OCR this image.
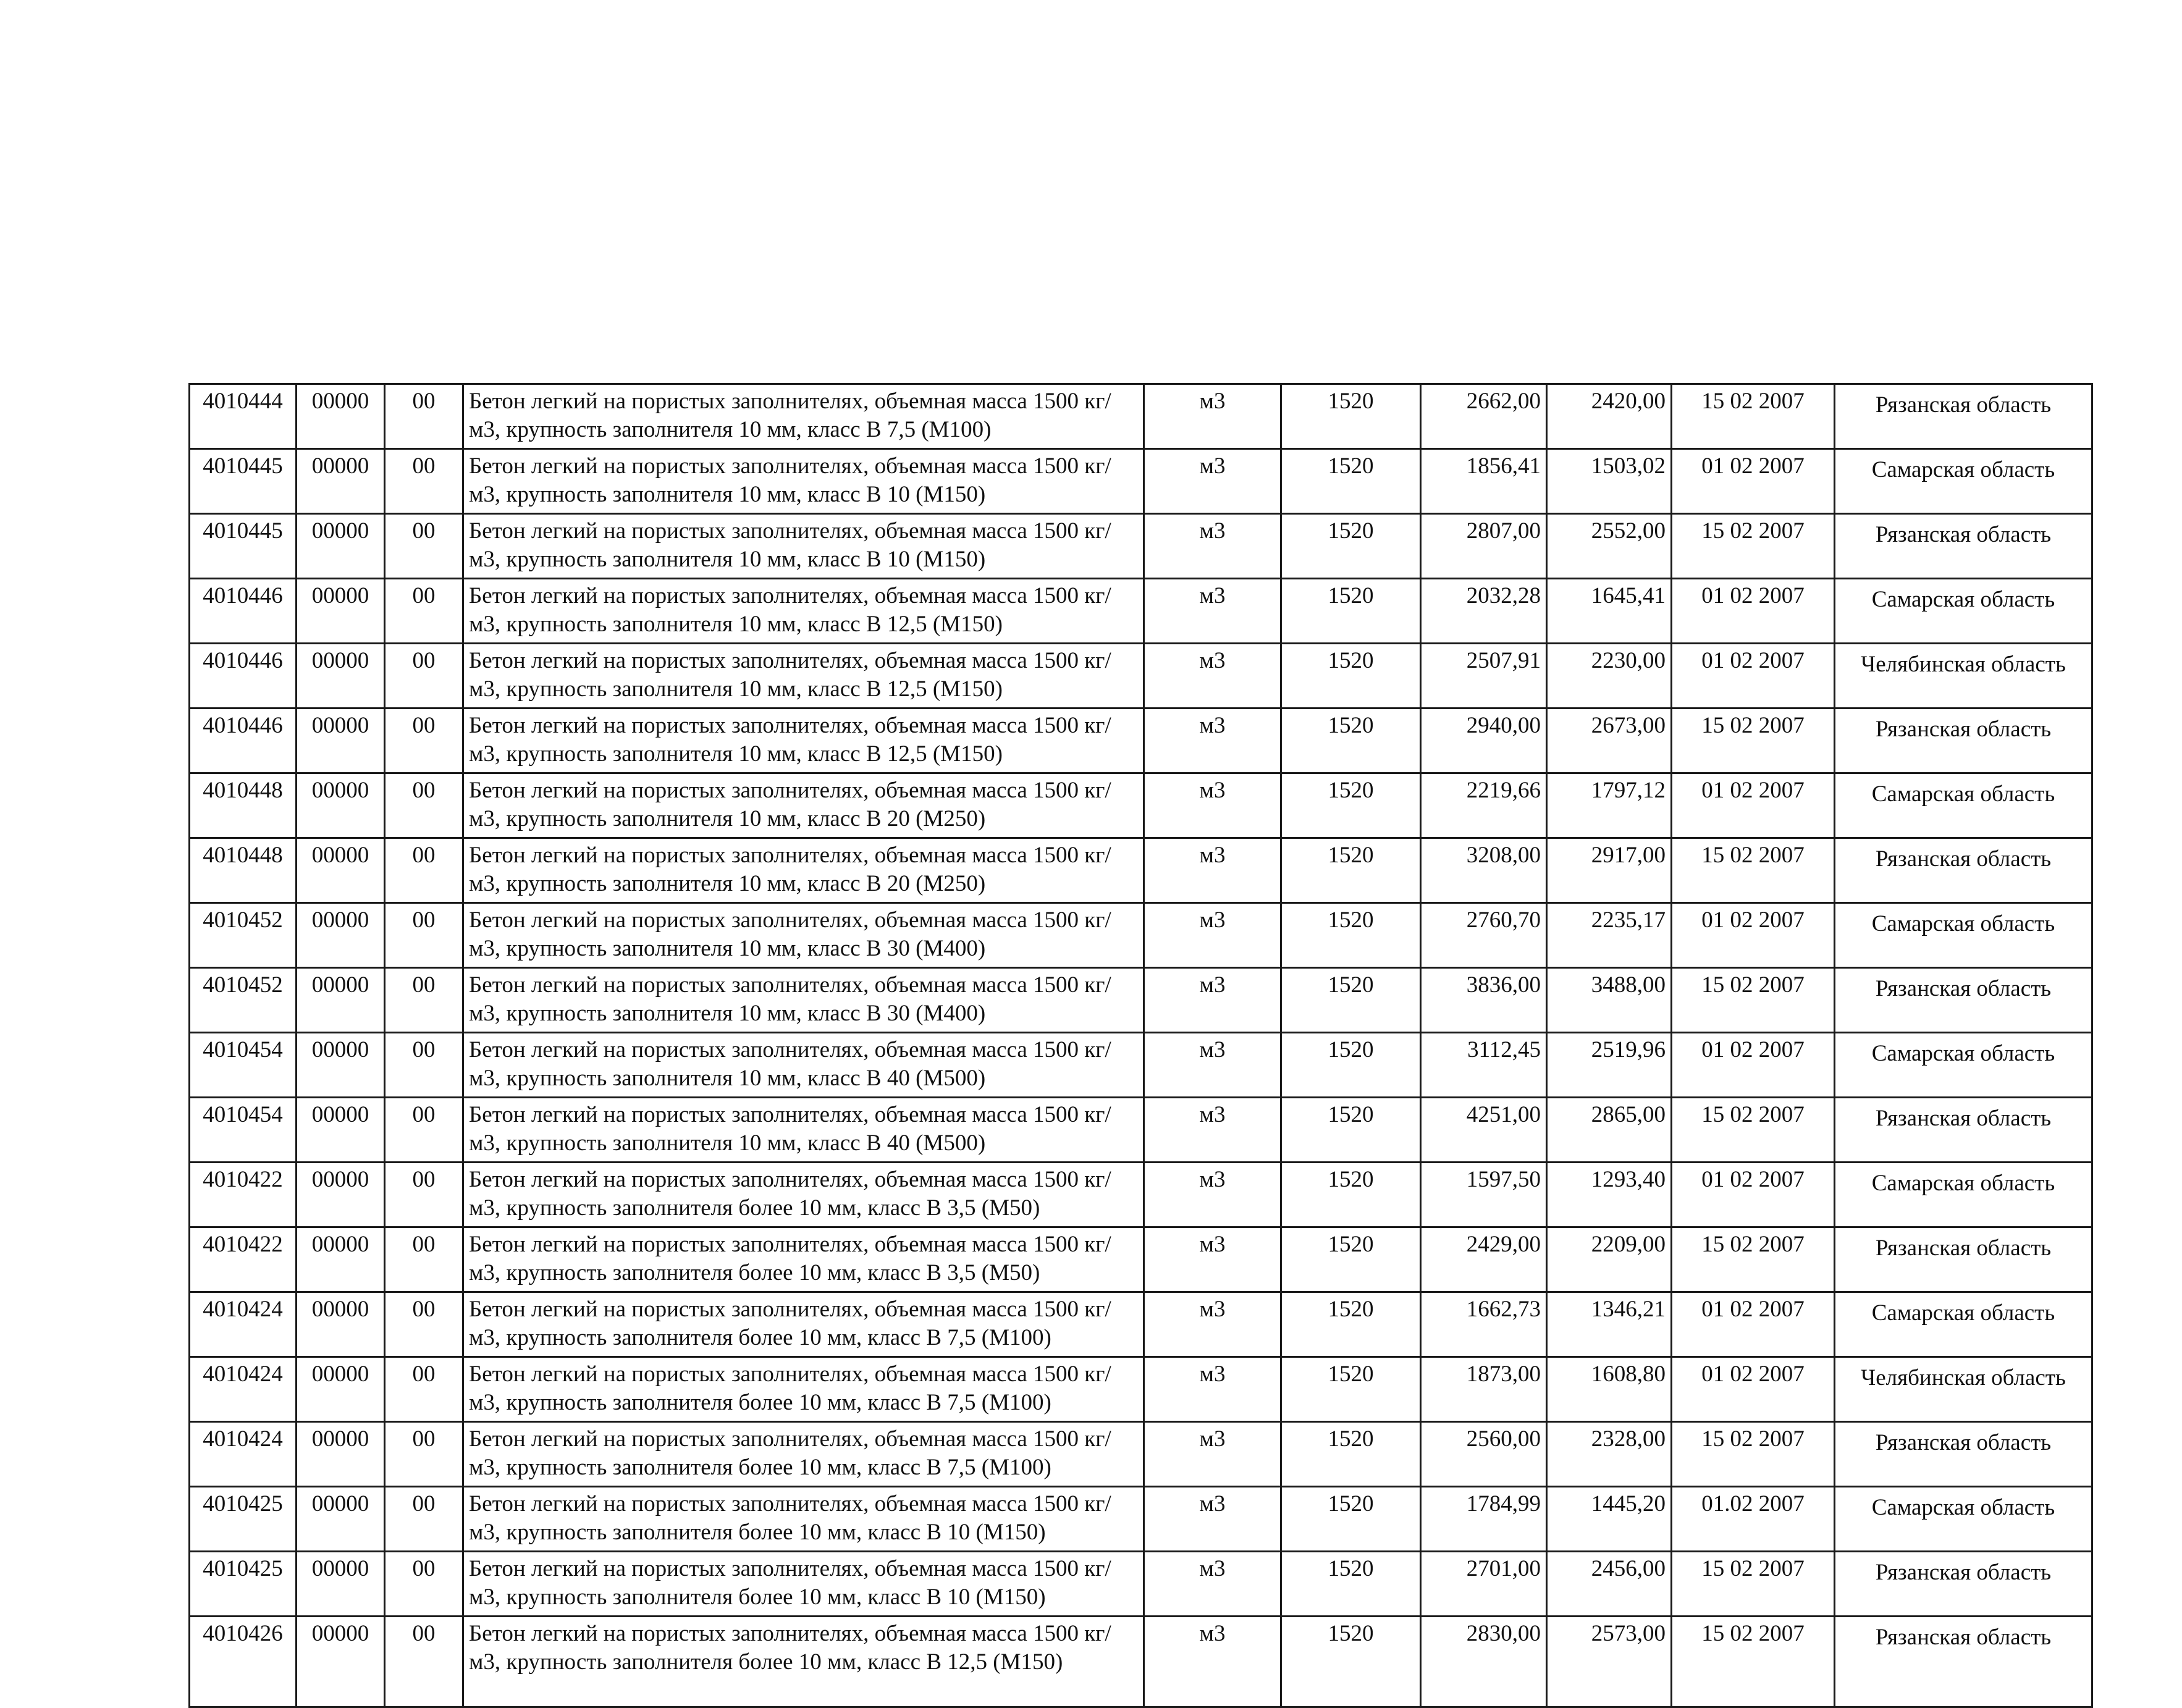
4010444	00000	00	Бетон легкий на пористых заполнителях, объемная масса 1500 кг/м3, крупность заполнителя 10 мм, класс В 7,5 (М100)	м3	1520	2662,00	2420,00	15 02 2007	Рязанская область
4010445	00000	00	Бетон легкий на пористых заполнителях, объемная масса 1500 кг/м3, крупность заполнителя 10 мм, класс В 10 (М150)	м3	1520	1856,41	1503,02	01 02 2007	Самарская область
4010445	00000	00	Бетон легкий на пористых заполнителях, объемная масса 1500 кг/м3, крупность заполнителя 10 мм, класс В 10 (М150)	м3	1520	2807,00	2552,00	15 02 2007	Рязанская область
4010446	00000	00	Бетон легкий на пористых заполнителях, объемная масса 1500 кг/м3, крупность заполнителя 10 мм, класс В 12,5 (М150)	м3	1520	2032,28	1645,41	01 02 2007	Самарская область
4010446	00000	00	Бетон легкий на пористых заполнителях, объемная масса 1500 кг/м3, крупность заполнителя 10 мм, класс В 12,5 (М150)	м3	1520	2507,91	2230,00	01 02 2007	Челябинская область
4010446	00000	00	Бетон легкий на пористых заполнителях, объемная масса 1500 кг/м3, крупность заполнителя 10 мм, класс В 12,5 (М150)	м3	1520	2940,00	2673,00	15 02 2007	Рязанская область
4010448	00000	00	Бетон легкий на пористых заполнителях, объемная масса 1500 кг/м3, крупность заполнителя 10 мм, класс В 20 (М250)	м3	1520	2219,66	1797,12	01 02 2007	Самарская область
4010448	00000	00	Бетон легкий на пористых заполнителях, объемная масса 1500 кг/м3, крупность заполнителя 10 мм, класс В 20 (М250)	м3	1520	3208,00	2917,00	15 02 2007	Рязанская область
4010452	00000	00	Бетон легкий на пористых заполнителях, объемная масса 1500 кг/м3, крупность заполнителя 10 мм, класс В 30 (М400)	м3	1520	2760,70	2235,17	01 02 2007	Самарская область
4010452	00000	00	Бетон легкий на пористых заполнителях, объемная масса 1500 кг/м3, крупность заполнителя 10 мм, класс В 30 (М400)	м3	1520	3836,00	3488,00	15 02 2007	Рязанская область
4010454	00000	00	Бетон легкий на пористых заполнителях, объемная масса 1500 кг/м3, крупность заполнителя 10 мм, класс В 40 (М500)	м3	1520	3112,45	2519,96	01 02 2007	Самарская область
4010454	00000	00	Бетон легкий на пористых заполнителях, объемная масса 1500 кг/м3, крупность заполнителя 10 мм, класс В 40 (М500)	м3	1520	4251,00	2865,00	15 02 2007	Рязанская область
4010422	00000	00	Бетон легкий на пористых заполнителях, объемная масса 1500 кг/м3, крупность заполнителя более 10 мм, класс В 3,5 (М50)	м3	1520	1597,50	1293,40	01 02 2007	Самарская область
4010422	00000	00	Бетон легкий на пористых заполнителях, объемная масса 1500 кг/м3, крупность заполнителя более 10 мм, класс В 3,5 (М50)	м3	1520	2429,00	2209,00	15 02 2007	Рязанская область
4010424	00000	00	Бетон легкий на пористых заполнителях, объемная масса 1500 кг/м3, крупность заполнителя более 10 мм, класс В 7,5 (М100)	м3	1520	1662,73	1346,21	01 02 2007	Самарская область
4010424	00000	00	Бетон легкий на пористых заполнителях, объемная масса 1500 кг/м3, крупность заполнителя более 10 мм, класс В 7,5 (М100)	м3	1520	1873,00	1608,80	01 02 2007	Челябинская область
4010424	00000	00	Бетон легкий на пористых заполнителях, объемная масса 1500 кг/м3, крупность заполнителя более 10 мм, класс В 7,5 (М100)	м3	1520	2560,00	2328,00	15 02 2007	Рязанская область
4010425	00000	00	Бетон легкий на пористых заполнителях, объемная масса 1500 кг/м3, крупность заполнителя более 10 мм, класс В 10 (М150)	м3	1520	1784,99	1445,20	01.02 2007	Самарская область
4010425	00000	00	Бетон легкий на пористых заполнителях, объемная масса 1500 кг/м3, крупность заполнителя более 10 мм, класс В 10 (М150)	м3	1520	2701,00	2456,00	15 02 2007	Рязанская область
4010426	00000	00	Бетон легкий на пористых заполнителях, объемная масса 1500 кг/м3, крупность заполнителя более 10 мм, класс В 12,5 (М150)	м3	1520	2830,00	2573,00	15 02 2007	Рязанская область
